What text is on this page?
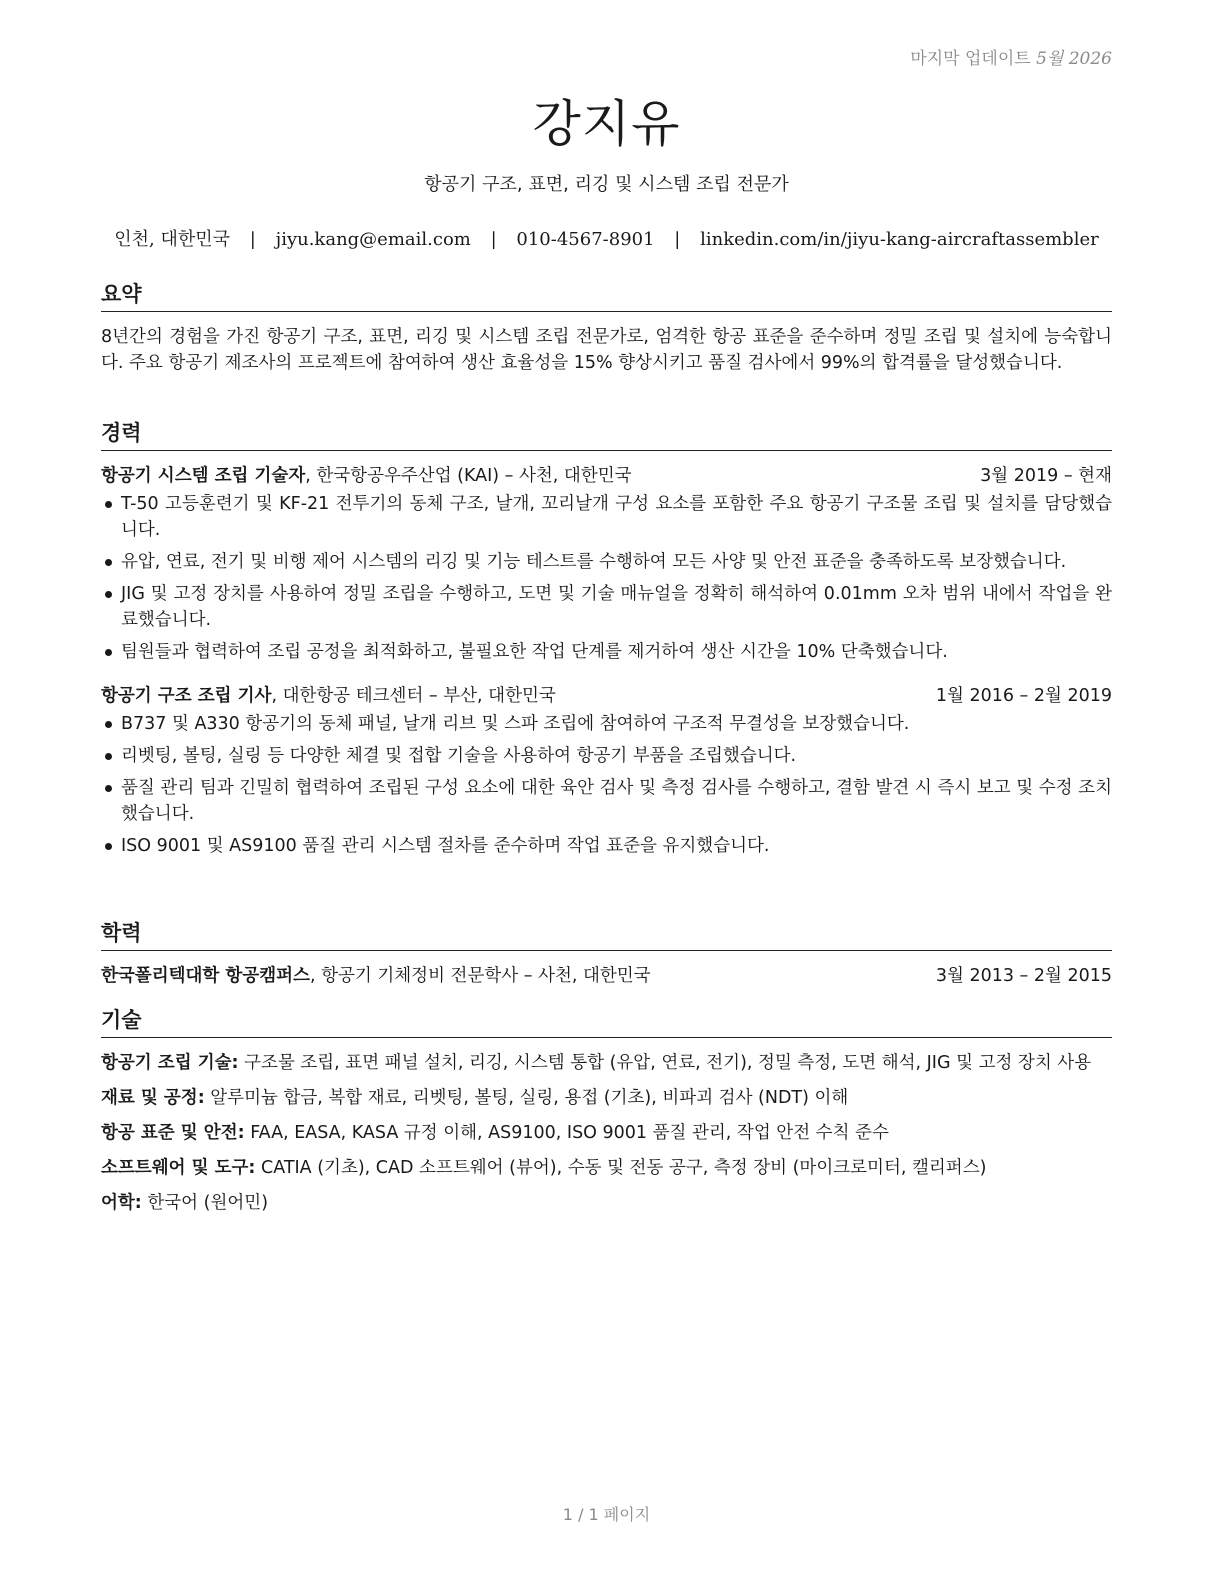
마지막 업데이트 5월 2026
강지유
항공기 구조, 표면, 리깅 및 시스템 조립 전문가
인천, 대한민국 | jiyu.kang@email.com | 010-4567-8901 | linkedin.com/in/jiyu-kang-aircraftassembler
요약

8년간의 경험을 가진 항공기 구조, 표면, 리깅 및 시스템 조립 전문가로, 엄격한 항공 표준을 준수하며 정밀 조립 및 설치에 능숙합니다. 주요 항공기 제조사의 프로젝트에 참여하여 생산 효율성을 15% 향상시키고 품질 검사에서 99%의 합격률을 달성했습니다.

경력
항공기 시스템 조립 기술자, 한국항공우주산업 (KAI) – 사천, 대한민국	3월 2019 – 현재
T-50 고등훈련기 및 KF-21 전투기의 동체 구조, 날개, 꼬리날개 구성 요소를 포함한 주요 항공기 구조물 조립 및 설치를 담당했습니다.
유압, 연료, 전기 및 비행 제어 시스템의 리깅 및 기능 테스트를 수행하여 모든 사양 및 안전 표준을 충족하도록 보장했습니다.
JIG 및 고정 장치를 사용하여 정밀 조립을 수행하고, 도면 및 기술 매뉴얼을 정확히 해석하여 0.01mm 오차 범위 내에서 작업을 완료했습니다.
팀원들과 협력하여 조립 공정을 최적화하고, 불필요한 작업 단계를 제거하여 생산 시간을 10% 단축했습니다.
항공기 구조 조립 기사, 대한항공 테크센터 – 부산, 대한민국	1월 2016 – 2월 2019
B737 및 A330 항공기의 동체 패널, 날개 리브 및 스파 조립에 참여하여 구조적 무결성을 보장했습니다.
리벳팅, 볼팅, 실링 등 다양한 체결 및 접합 기술을 사용하여 항공기 부품을 조립했습니다.
품질 관리 팀과 긴밀히 협력하여 조립된 구성 요소에 대한 육안 검사 및 측정 검사를 수행하고, 결함 발견 시 즉시 보고 및 수정 조치했습니다.
ISO 9001 및 AS9100 품질 관리 시스템 절차를 준수하며 작업 표준을 유지했습니다.
학력
한국폴리텍대학 항공캠퍼스, 항공기 기체정비 전문학사 – 사천, 대한민국	3월 2013 – 2월 2015
기술
항공기 조립 기술: 구조물 조립, 표면 패널 설치, 리깅, 시스템 통합 (유압, 연료, 전기), 정밀 측정, 도면 해석, JIG 및 고정 장치 사용
재료 및 공정: 알루미늄 합금, 복합 재료, 리벳팅, 볼팅, 실링, 용접 (기초), 비파괴 검사 (NDT) 이해
항공 표준 및 안전: FAA, EASA, KASA 규정 이해, AS9100, ISO 9001 품질 관리, 작업 안전 수칙 준수
소프트웨어 및 도구: CATIA (기초), CAD 소프트웨어 (뷰어), 수동 및 전동 공구, 측정 장비 (마이크로미터, 캘리퍼스)
어학: 한국어 (원어민)
1 / 1 페이지
